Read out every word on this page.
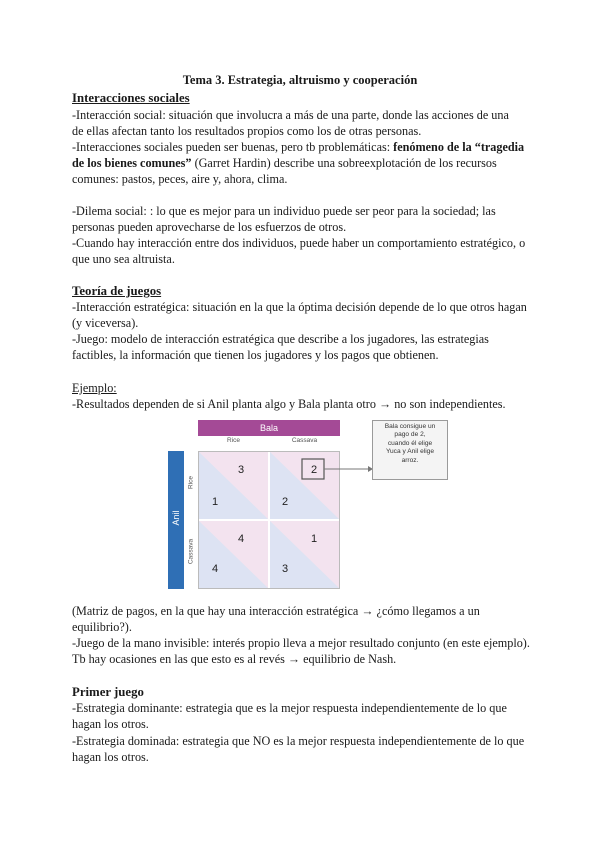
Tema 3. Estrategia, altruismo y cooperación
Interacciones sociales
-Interacción social: situación que involucra a más de una parte, donde las acciones de una
de ellas afectan tanto los resultados propios como los de otras personas.
-Interacciones sociales pueden ser buenas, pero tb problemáticas: fenómeno de la “tragedia
de los bienes comunes” (Garret Hardin) describe una sobreexplotación de los recursos
comunes: pastos, peces, aire y, ahora, clima.
-Dilema social: : lo que es mejor para un individuo puede ser peor para la sociedad; las
personas pueden aprovecharse de los esfuerzos de otros.
-Cuando hay interacción entre dos individuos, puede haber un comportamiento estratégico, o
que uno sea altruista.
Teoría de juegos
-Interacción estratégica: situación en la que la óptima decisión depende de lo que otros hagan
(y viceversa).
-Juego: modelo de interacción estratégica que describe a los jugadores, las estrategias
factibles, la información que tienen los jugadores y los pagos que obtienen.
Ejemplo:
-Resultados dependen de si Anil planta algo y Bala planta otro → no son independientes.
Bala
Rice	Cassava
Anil
Rice
Cassava
3
1
2
2
4
4
1
3
Bala consigue un
pago de 2,
cuando él elige
Yuca y Anil elige
arroz.
(Matriz de pagos, en la que hay una interacción estratégica → ¿cómo llegamos a un
equilibrio?).
-Juego de la mano invisible: interés propio lleva a mejor resultado conjunto (en este ejemplo).
Tb hay ocasiones en las que esto es al revés → equilibrio de Nash.
Primer juego
-Estrategia dominante: estrategia que es la mejor respuesta independientemente de lo que
hagan los otros.
-Estrategia dominada: estrategia que NO es la mejor respuesta independientemente de lo que
hagan los otros.
